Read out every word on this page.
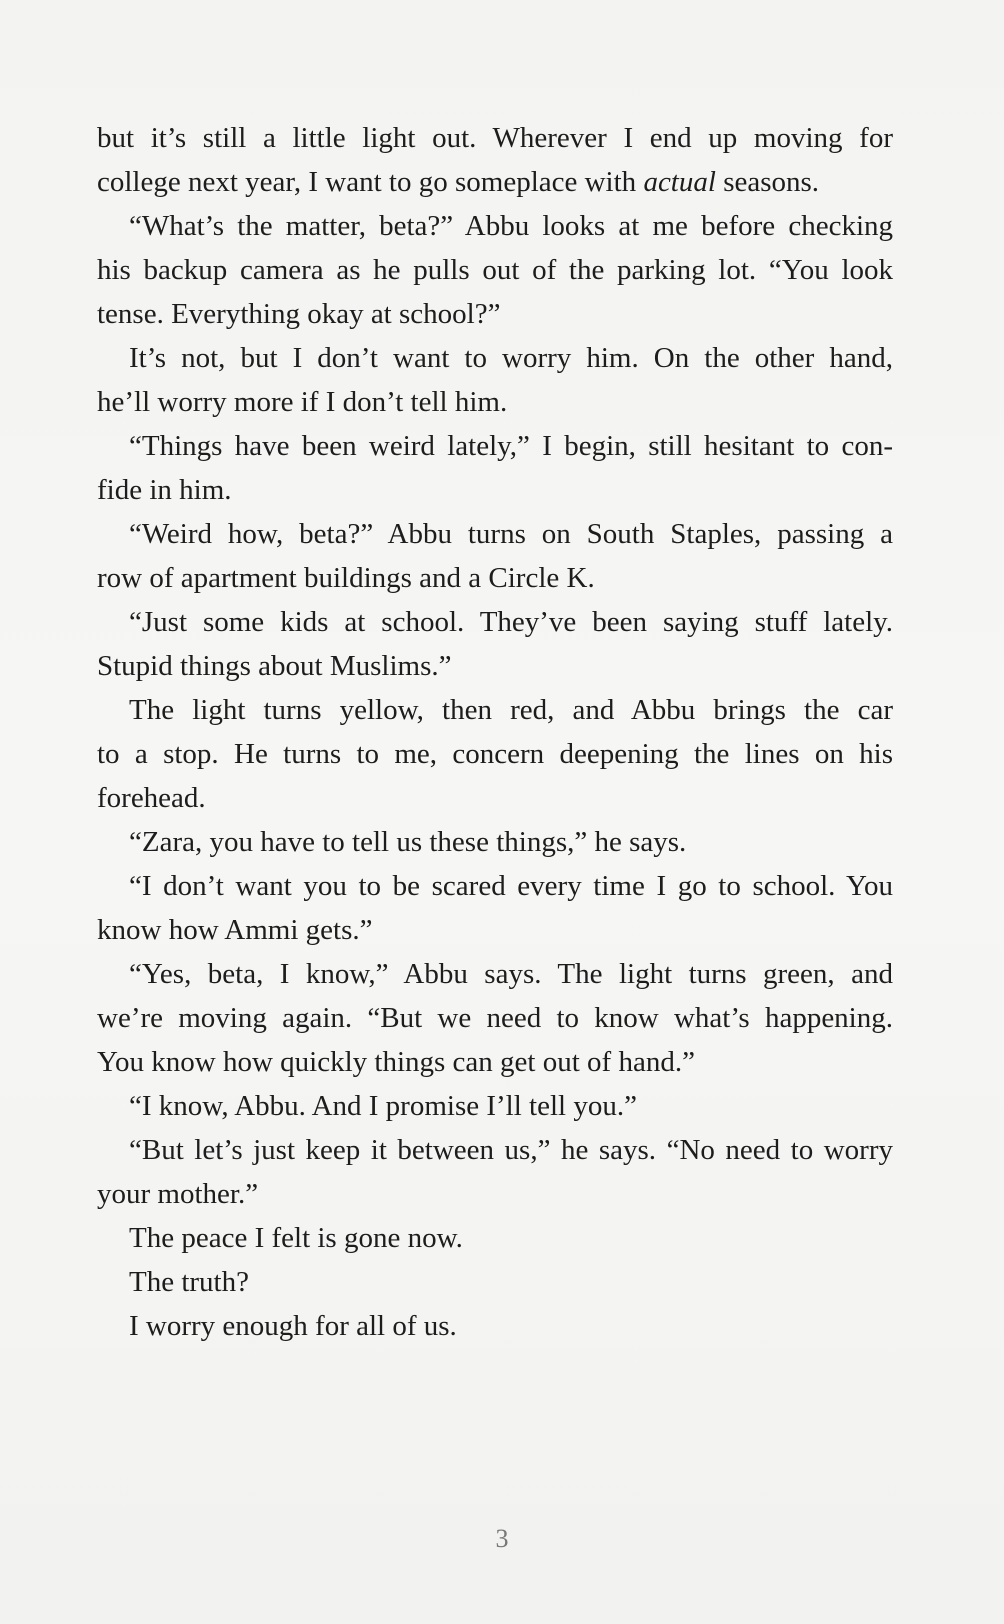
but it’s still a little light out. Wherever I end up moving for
college next year, I want to go someplace with actual seasons.
“What’s the matter, beta?” Abbu looks at me before checking
his backup camera as he pulls out of the parking lot. “You look
tense. Everything okay at school?”
It’s not, but I don’t want to worry him. On the other hand,
he’ll worry more if I don’t tell him.
“Things have been weird lately,” I begin, still hesitant to con-
fide in him.
“Weird how, beta?” Abbu turns on South Staples, passing a
row of apartment buildings and a Circle K.
“Just some kids at school. They’ve been saying stuff lately.
Stupid things about Muslims.”
The light turns yellow, then red, and Abbu brings the car
to a stop. He turns to me, concern deepening the lines on his
forehead.
“Zara, you have to tell us these things,” he says.
“I don’t want you to be scared every time I go to school. You
know how Ammi gets.”
“Yes, beta, I know,” Abbu says. The light turns green, and
we’re moving again. “But we need to know what’s happening.
You know how quickly things can get out of hand.”
“I know, Abbu. And I promise I’ll tell you.”
“But let’s just keep it between us,” he says. “No need to worry
your mother.”
The peace I felt is gone now.
The truth?
I worry enough for all of us.
3
